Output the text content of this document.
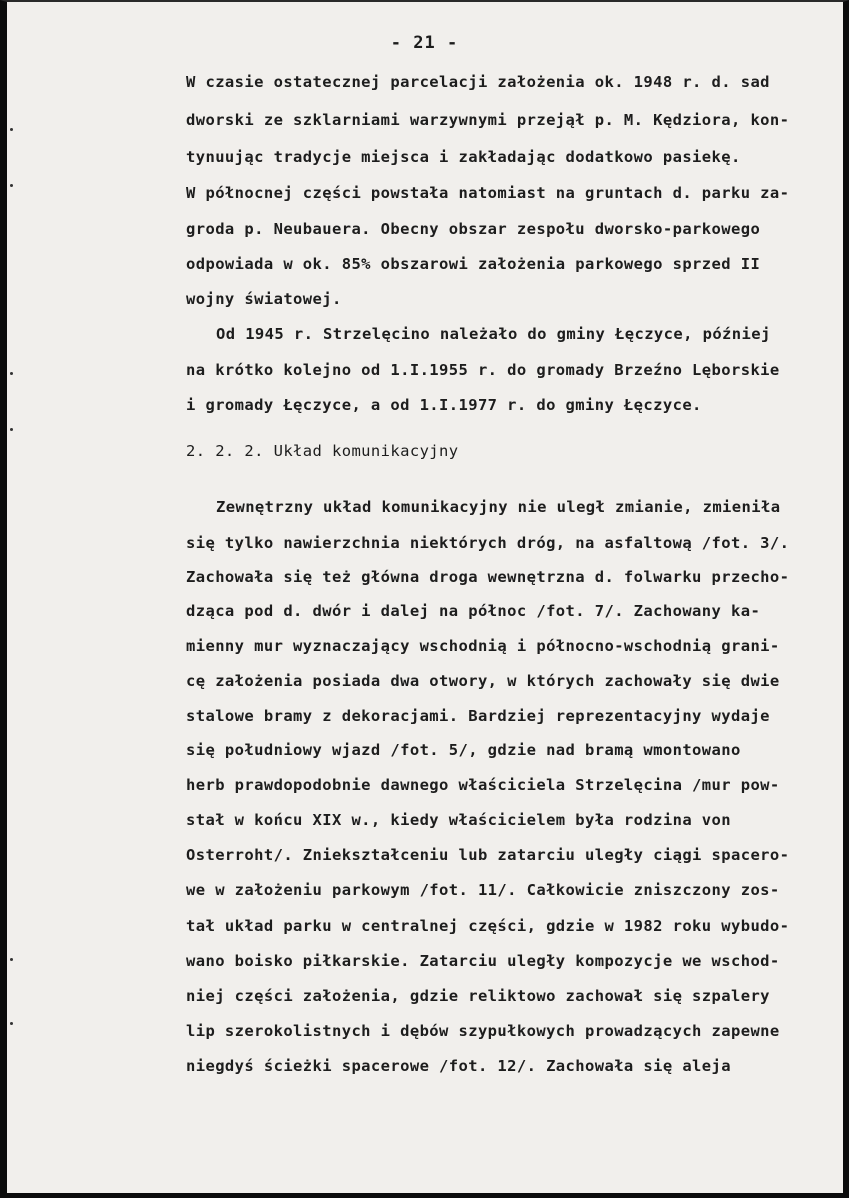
- 21 -
W czasie ostatecznej parcelacji założenia ok. 1948 r. d. sad
dworski ze szklarniami warzywnymi przejął p. M. Kędziora, kon-
tynuując tradycje miejsca i zakładając dodatkowo pasiekę.
W północnej części powstała natomiast na gruntach d. parku za-
groda p. Neubauera. Obecny obszar zespołu dworsko-parkowego
odpowiada w ok. 85% obszarowi założenia parkowego sprzed II
wojny światowej.
Od 1945 r. Strzelęcino należało do gminy Łęczyce, później
na krótko kolejno od 1.I.1955 r. do gromady Brzeźno Lęborskie
i gromady Łęczyce, a od 1.I.1977 r. do gminy Łęczyce.
2. 2. 2. Układ komunikacyjny
Zewnętrzny układ komunikacyjny nie uległ zmianie, zmieniła
się tylko nawierzchnia niektórych dróg, na asfaltową /fot. 3/.
Zachowała się też główna droga wewnętrzna d. folwarku przecho-
dząca pod d. dwór i dalej na północ /fot. 7/. Zachowany ka-
mienny mur wyznaczający wschodnią i północno-wschodnią grani-
cę założenia posiada dwa otwory, w których zachowały się dwie
stalowe bramy z dekoracjami. Bardziej reprezentacyjny wydaje
się południowy wjazd /fot. 5/, gdzie nad bramą wmontowano
herb prawdopodobnie dawnego właściciela Strzelęcina /mur pow-
stał w końcu XIX w., kiedy właścicielem była rodzina von
Osterroht/. Zniekształceniu lub zatarciu uległy ciągi spacero-
we w założeniu parkowym /fot. 11/. Całkowicie zniszczony zos-
tał układ parku w centralnej części, gdzie w 1982 roku wybudo-
wano boisko piłkarskie. Zatarciu uległy kompozycje we wschod-
niej części założenia, gdzie reliktowo zachował się szpalery
lip szerokolistnych i dębów szypułkowych prowadzących zapewne
niegdyś ścieżki spacerowe /fot. 12/. Zachowała się aleja
